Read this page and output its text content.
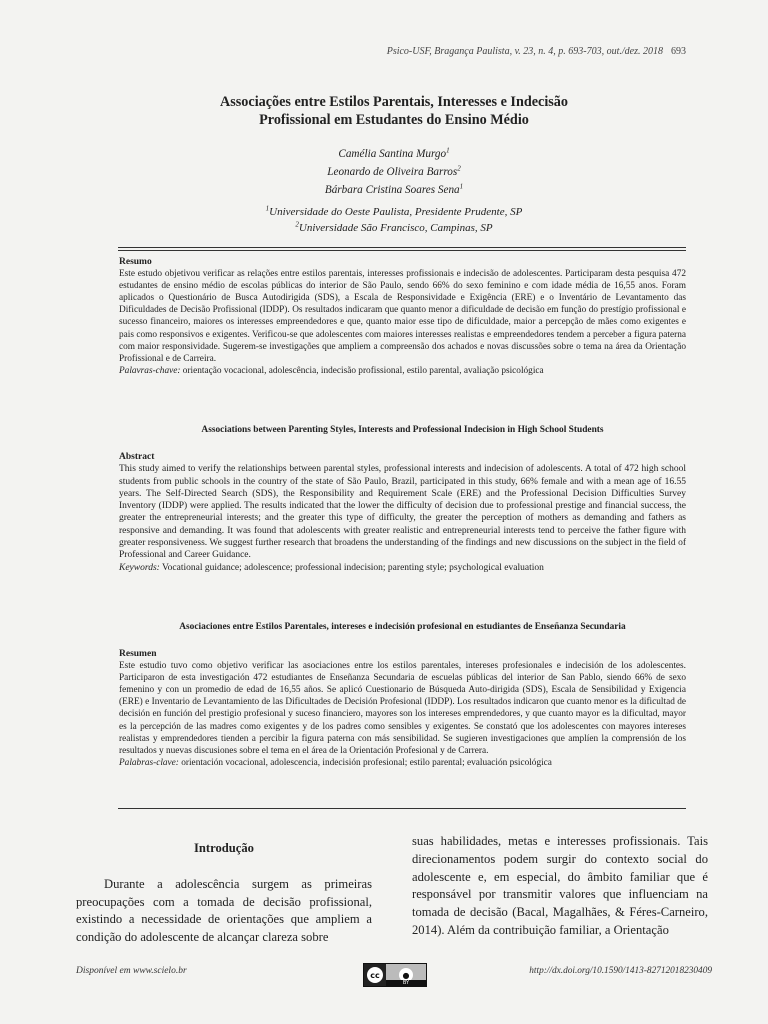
Psico-USF, Bragança Paulista, v. 23, n. 4, p. 693-703, out./dez. 2018 693
Associações entre Estilos Parentais, Interesses e Indecisão
Profissional em Estudantes do Ensino Médio
Camélia Santina Murgo$^1$
Leonardo de Oliveira Barros$^2$
Bárbara Cristina Soares Sena$^1$
$^1$Universidade do Oeste Paulista, Presidente Prudente, SP
$^2$Universidade São Francisco, Campinas, SP
Resumo
Este estudo objetivou verificar as relações entre estilos parentais, interesses profissionais e indecisão de adolescentes. Participaram desta pesquisa 472 estudantes de ensino médio de escolas públicas do interior de São Paulo, sendo 66% do sexo feminino e com idade média de 16,55 anos. Foram aplicados o Questionário de Busca Autodirigida (SDS), a Escala de Responsividade e Exigência (ERE) e o Inventário de Levantamento das Dificuldades de Decisão Profissional (IDDP). Os resultados indicaram que quanto menor a dificuldade de decisão em função do prestígio profissional e sucesso financeiro, maiores os interesses empreendedores e que, quanto maior esse tipo de dificuldade, maior a percepção de mães como exigentes e pais como responsivos e exigentes. Verificou-se que adolescentes com maiores interesses realistas e empreendedores tendem a perceber a figura paterna com maior responsividade. Sugerem-se investigações que ampliem a compreensão dos achados e novas discussões sobre o tema na área da Orientação Profissional e de Carreira.
Palavras-chave: orientação vocacional, adolescência, indecisão profissional, estilo parental, avaliação psicológica
Associations between Parenting Styles, Interests and Professional Indecision in High School Students
Abstract
This study aimed to verify the relationships between parental styles, professional interests and indecision of adolescents. A total of 472 high school students from public schools in the country of the state of São Paulo, Brazil, participated in this study, 66% female and with a mean age of 16.55 years. The Self-Directed Search (SDS), the Responsibility and Requirement Scale (ERE) and the Professional Decision Difficulties Survey Inventory (IDDP) were applied. The results indicated that the lower the difficulty of decision due to professional prestige and financial success, the greater the entrepreneurial interests; and the greater this type of difficulty, the greater the perception of mothers as demanding and fathers as responsive and demanding. It was found that adolescents with greater realistic and entrepreneurial interests tend to perceive the father figure with greater responsiveness. We suggest further research that broadens the understanding of the findings and new discussions on the subject in the field of Professional and Career Guidance.
Keywords: Vocational guidance; adolescence; professional indecision; parenting style; psychological evaluation
Asociaciones entre Estilos Parentales, intereses e indecisión profesional en estudiantes de Enseñanza Secundaria
Resumen
Este estudio tuvo como objetivo verificar las asociaciones entre los estilos parentales, intereses profesionales e indecisión de los adolescentes. Participaron de esta investigación 472 estudiantes de Enseñanza Secundaria de escuelas públicas del interior de San Pablo, siendo 66% de sexo femenino y con un promedio de edad de 16,55 años. Se aplicó Cuestionario de Búsqueda Auto-dirigida (SDS), Escala de Sensibilidad y Exigencia (ERE) e Inventario de Levantamiento de las Dificultades de Decisión Profesional (IDDP). Los resultados indicaron que cuanto menor es la dificultad de decisión en función del prestigio profesional y suceso financiero, mayores son los intereses emprendedores, y que cuanto mayor es la dificultad, mayor es la percepción de las madres como exigentes y de los padres como sensibles y exigentes. Se constató que los adolescentes con mayores intereses realistas y emprendedores tienden a percibir la figura paterna con más sensibilidad. Se sugieren investigaciones que amplíen la comprensión de los resultados y nuevas discusiones sobre el tema en el área de la Orientación Profesional y de Carrera.
Palabras-clave: orientación vocacional, adolescencia, indecisión profesional; estilo parental; evaluación psicológica
Introdução

Durante a adolescência surgem as primeiras preocupações com a tomada de decisão profissional, existindo a necessidade de orientações que ampliem a condição do adolescente de alcançar clareza sobre

suas habilidades, metas e interesses profissionais. Tais direcionamentos podem surgir do contexto social do adolescente e, em especial, do âmbito familiar que é responsável por transmitir valores que influenciam na tomada de decisão (Bacal, Magalhães, & Féres-Carneiro, 2014). Além da contribuição familiar, a Orientação

Disponível em www.scielo.br	cc	●
BY
http://dx.doi.org/10.1590/1413-82712018230409
